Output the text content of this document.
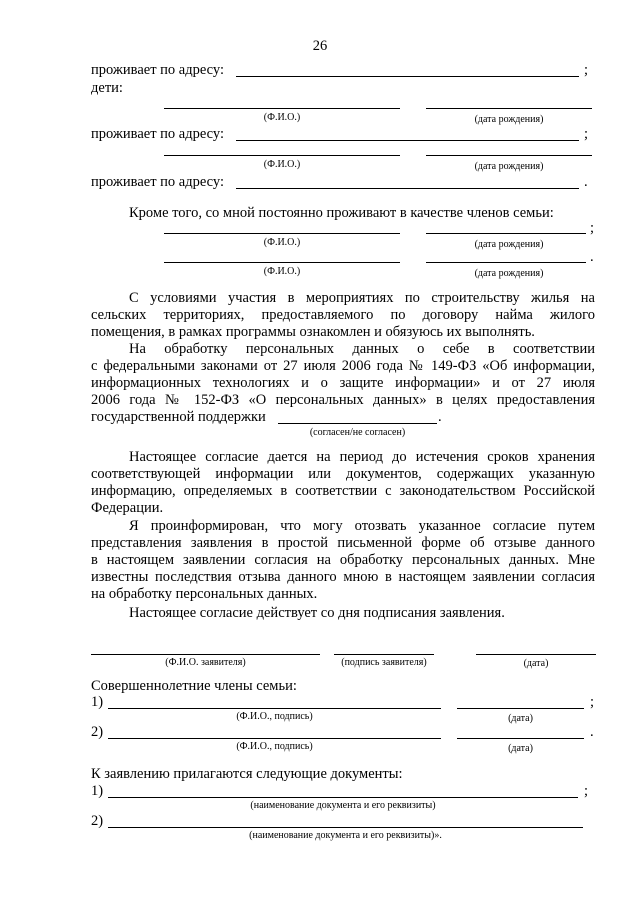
26
проживает по адресу:	;
дети:
(Ф.И.О.)	(дата рождения)
проживает по адресу:	;
(Ф.И.О.)	(дата рождения)
проживает по адресу:	.
Кроме того, со мной постоянно проживают в качестве членов семьи:
;
(Ф.И.О.)	(дата рождения)
.
(Ф.И.О.)	(дата рождения)
С условиями участия в мероприятиях по строительству жилья на
сельских территориях, предоставляемого по договору найма жилого
помещения, в рамках программы ознакомлен и обязуюсь их выполнять.
На обработку персональных данных о себе в соответствии
с федеральными законами от 27 июля 2006 года № 149-ФЗ «Об информации,
информационных технологиях и о защите информации» и от 27 июля
2006 года № 152-ФЗ «О персональных данных» в целях предоставления
государственной поддержки	.
(согласен/не согласен)
Настоящее согласие дается на период до истечения сроков хранения
соответствующей информации или документов, содержащих указанную
информацию, определяемых в соответствии с законодательством Российской
Федерации.
Я проинформирован, что могу отозвать указанное согласие путем
представления заявления в простой письменной форме об отзыве данного
в настоящем заявлении согласия на обработку персональных данных. Мне
известны последствия отзыва данного мною в настоящем заявлении согласия
на обработку персональных данных.
Настоящее согласие действует со дня подписания заявления.
(Ф.И.О. заявителя)	(подпись заявителя)	(дата)
Совершеннолетние члены семьи:
1)	;
(Ф.И.О., подпись)	(дата)
2)	.
(Ф.И.О., подпись)	(дата)
К заявлению прилагаются следующие документы:
1)	;
(наименование документа и его реквизиты)
2)
(наименование документа и его реквизиты)».
